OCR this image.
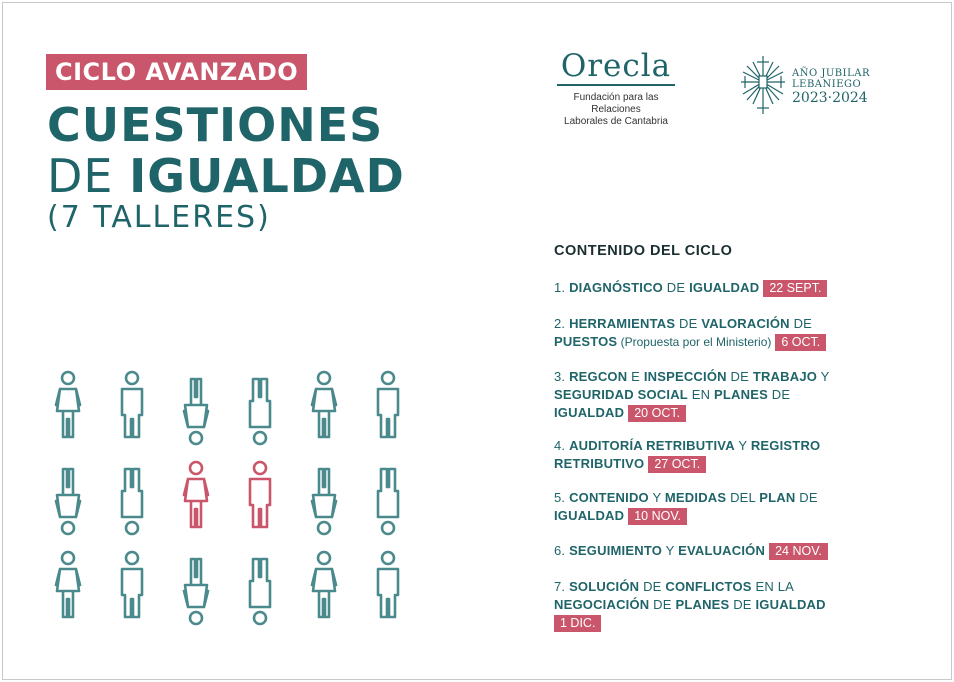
CICLO AVANZADO
CUESTIONES
DE IGUALDAD
(7 TALLERES)
Orecla
Fundación para las Relaciones
Laborales de Cantabria
AÑO JUBILAR
LEBANIEGO
2023·2024
CONTENIDO DEL CICLO
1. DIAGNÓSTICO DE IGUALDAD 22 SEPT.
2. HERRAMIENTAS DE VALORACIÓN DE
PUESTOS (Propuesta por el Ministerio) 6 OCT.
3. REGCON E INSPECCIÓN DE TRABAJO Y
SEGURIDAD SOCIAL EN PLANES DE
IGUALDAD 20 OCT.
4. AUDITORÍA RETRIBUTIVA Y REGISTRO
RETRIBUTIVO 27 OCT.
5. CONTENIDO Y MEDIDAS DEL PLAN DE
IGUALDAD 10 NOV.
6. SEGUIMIENTO Y EVALUACIÓN 24 NOV.
7. SOLUCIÓN DE CONFLICTOS EN LA
NEGOCIACIÓN DE PLANES DE IGUALDAD
1 DIC.
